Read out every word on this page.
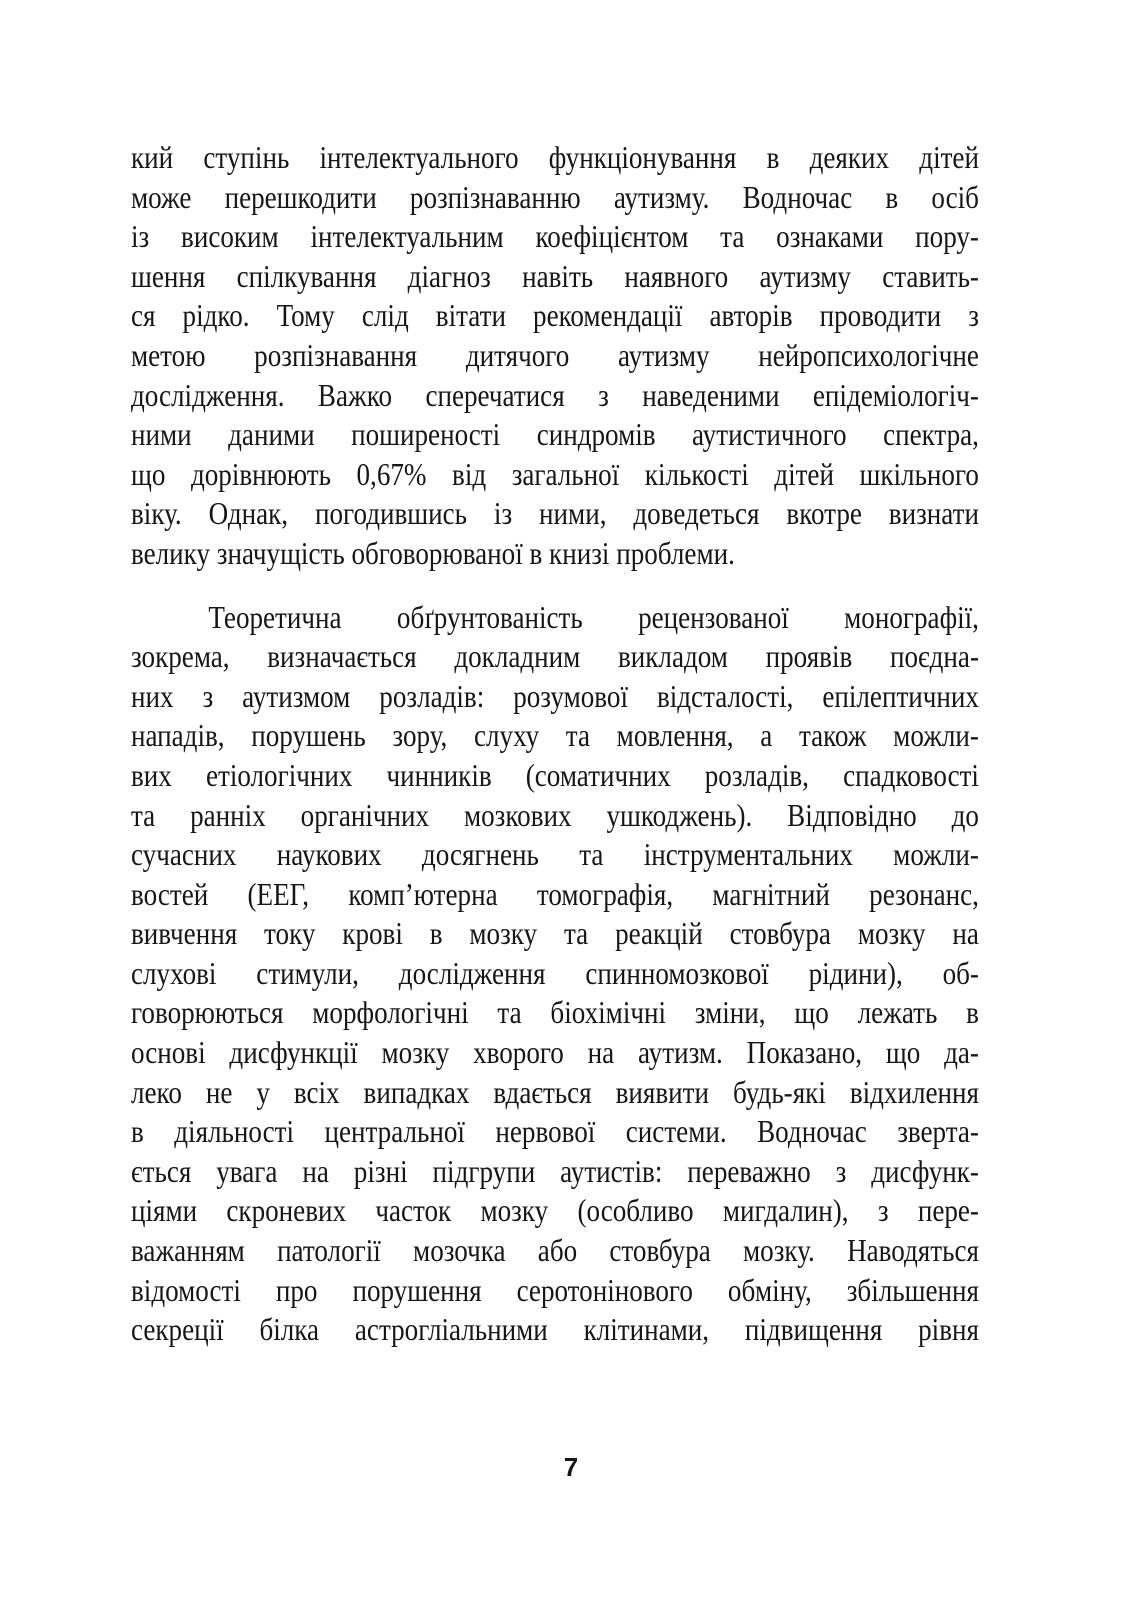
кий ступінь інтелектуального функціонування в деяких дітей
може перешкодити розпізнаванню аутизму. Водночас в осіб
із високим інтелектуальним коефіцієнтом та ознаками пору-
шення спілкування діагноз навіть наявного аутизму ставить-
ся рідко. Тому слід вітати рекомендації авторів проводити з
метою розпізнавання дитячого аутизму нейропсихологічне
дослідження. Важко сперечатися з наведеними епідеміологіч-
ними даними поширеності синдромів аутистичного спектра,
що дорівнюють 0,67% від загальної кількості дітей шкільного
віку. Однак, погодившись із ними, доведеться вкотре визнати
велику значущість обговорюваної в книзі проблеми.
Теоретична обґрунтованість рецензованої монографії,
зокрема, визначається докладним викладом проявів поєдна-
них з аутизмом розладів: розумової відсталості, епілептичних
нападів, порушень зору, слуху та мовлення, а також можли-
вих етіологічних чинників (соматичних розладів, спадковості
та ранніх органічних мозкових ушкоджень). Відповідно до
сучасних наукових досягнень та інструментальних можли-
востей (ЕЕГ, комп’ютерна томографія, магнітний резонанс,
вивчення току крові в мозку та реакцій стовбура мозку на
слухові стимули, дослідження спинномозкової рідини), об-
говорюються морфологічні та біохімічні зміни, що лежать в
основі дисфункції мозку хворого на аутизм. Показано, що да-
леко не у всіх випадках вдається виявити будь-які відхилення
в діяльності центральної нервової системи. Водночас зверта-
ється увага на різні підгрупи аутистів: переважно з дисфунк-
ціями скроневих часток мозку (особливо мигдалин), з пере-
важанням патології мозочка або стовбура мозку. Наводяться
відомості про порушення серотонінового обміну, збільшення
секреції білка астрогліальними клітинами, підвищення рівня
7
